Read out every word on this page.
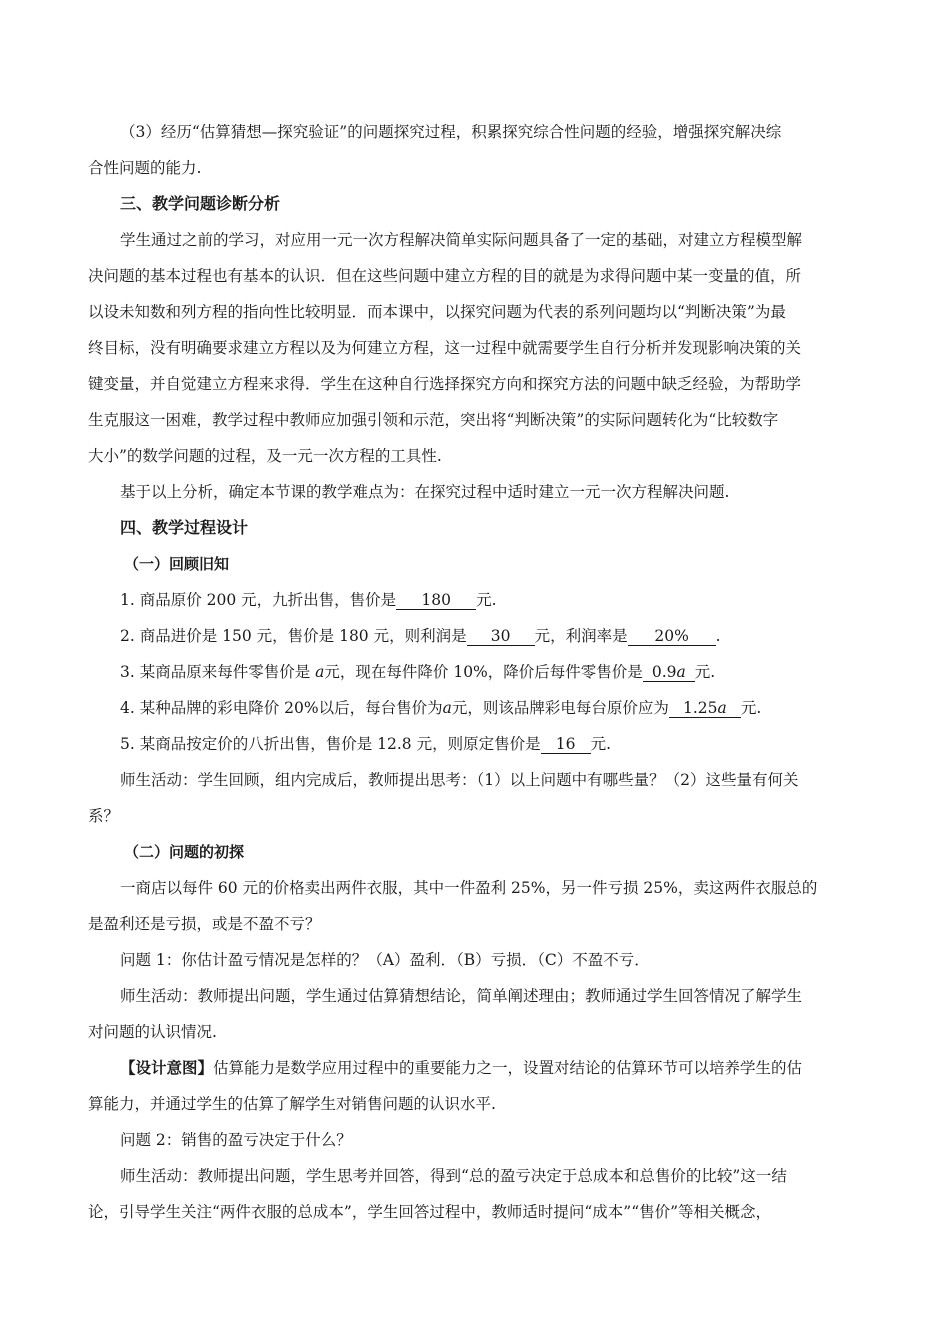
（3）经历“估算猜想—探究验证”的问题探究过程，积累探究综合性问题的经验，增强探究解决综
合性问题的能力.
三、教学问题诊断分析
学生通过之前的学习，对应用一元一次方程解决简单实际问题具备了一定的基础，对建立方程模型解
决问题的基本过程也有基本的认识．但在这些问题中建立方程的目的就是为求得问题中某一变量的值，所
以设未知数和列方程的指向性比较明显．而本课中，以探究问题为代表的系列问题均以“判断决策”为最
终目标，没有明确要求建立方程以及为何建立方程，这一过程中就需要学生自行分析并发现影响决策的关
键变量，并自觉建立方程来求得．学生在这种自行选择探究方向和探究方法的问题中缺乏经验，为帮助学
生克服这一困难，教学过程中教师应加强引领和示范，突出将“判断决策”的实际问题转化为“比较数字
大小”的数学问题的过程，及一元一次方程的工具性.
基于以上分析，确定本节课的教学难点为：在探究过程中适时建立一元一次方程解决问题.
四、教学过程设计
（一）回顾旧知
1. 商品原价 200 元，九折出售，售价是 180 元.
2. 商品进价是 150 元，售价是 180 元，则利润是 30 元，利润率是 20% .
3. 某商品原来每件零售价是 a元，现在每件降价 10%，降价后每件零售价是 0.9a 元.
4. 某种品牌的彩电降价 20%以后，每台售价为a元，则该品牌彩电每台原价应为 1.25a 元.
5. 某商品按定价的八折出售，售价是 12.8 元，则原定售价是 16 元.
师生活动：学生回顾，组内完成后，教师提出思考：（1）以上问题中有哪些量？（2）这些量有何关
系？
（二）问题的初探
一商店以每件 60 元的价格卖出两件衣服，其中一件盈利 25%，另一件亏损 25%，卖这两件衣服总的
是盈利还是亏损，或是不盈不亏？
问题 1：你估计盈亏情况是怎样的？（A）盈利．（B）亏损．（C）不盈不亏．
师生活动：教师提出问题，学生通过估算猜想结论，简单阐述理由；教师通过学生回答情况了解学生
对问题的认识情况.
【设计意图】估算能力是数学应用过程中的重要能力之一，设置对结论的估算环节可以培养学生的估
算能力，并通过学生的估算了解学生对销售问题的认识水平.
问题 2：销售的盈亏决定于什么？
师生活动：教师提出问题，学生思考并回答，得到“总的盈亏决定于总成本和总售价的比较”这一结
论，引导学生关注“两件衣服的总成本”，学生回答过程中，教师适时提问“成本”“售价”等相关概念，
